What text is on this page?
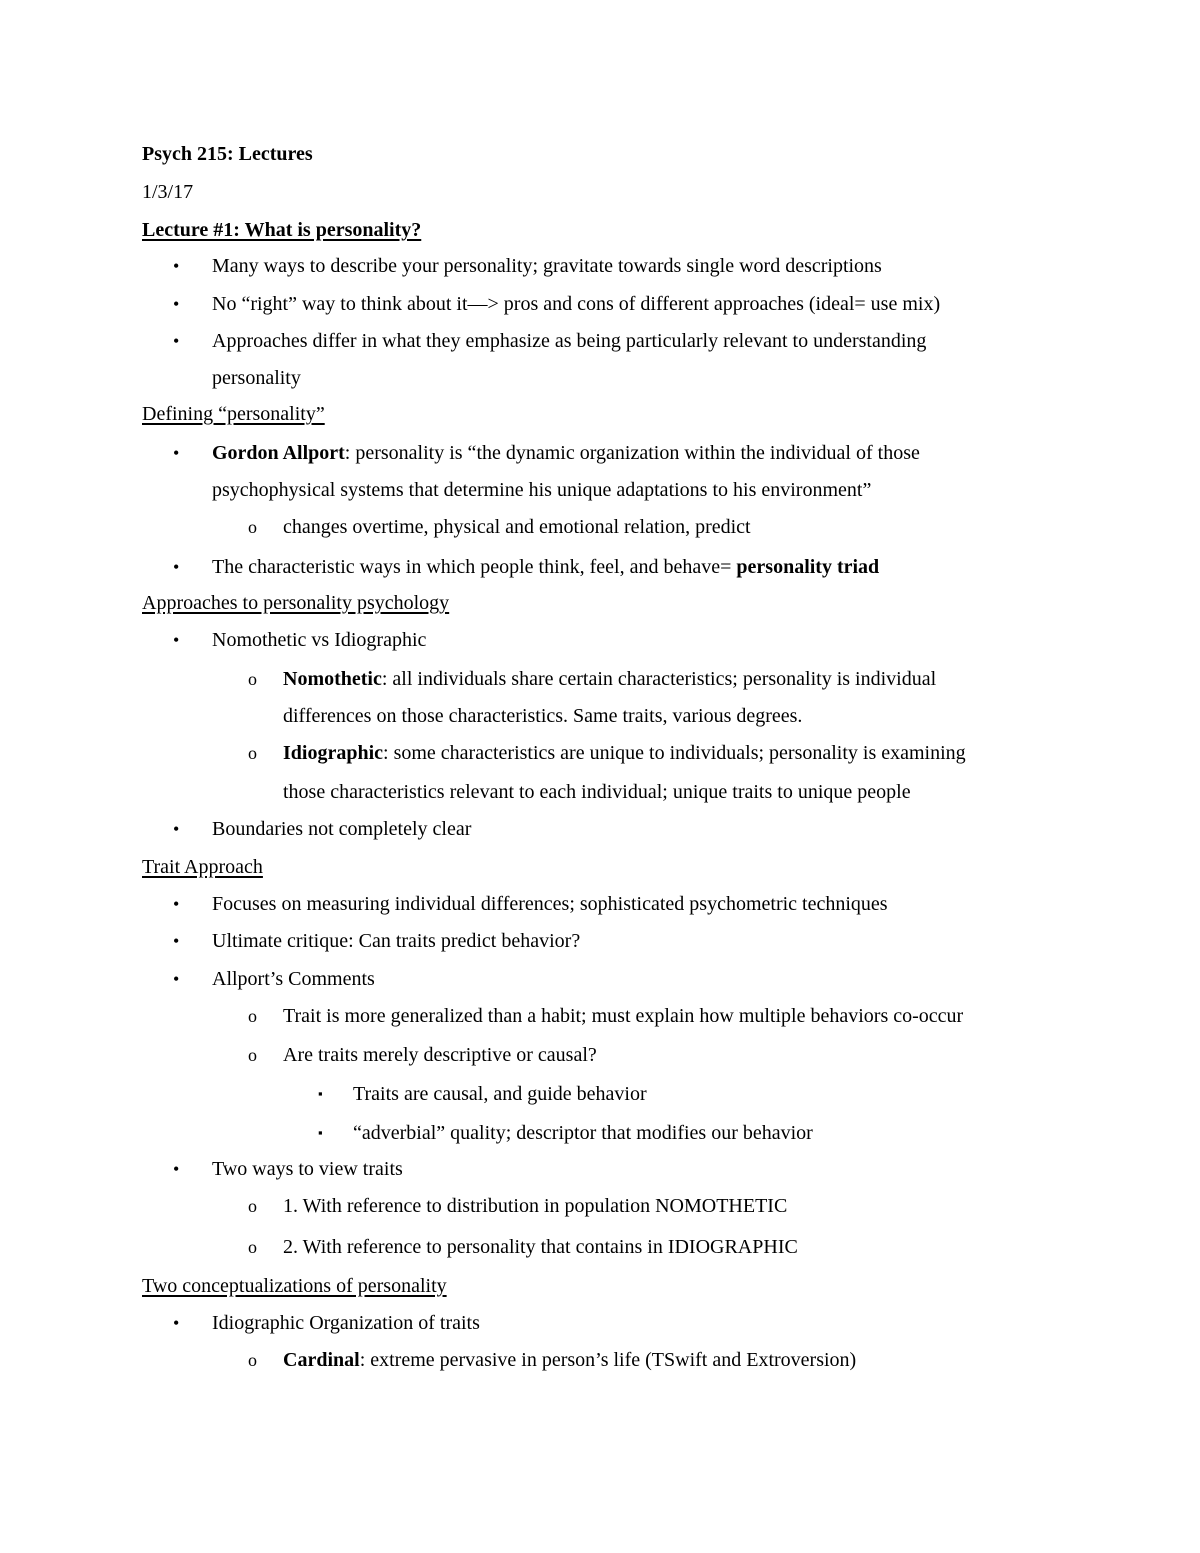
Psych 215: Lectures
1/3/17
Lecture #1: What is personality?
• Many ways to describe your personality; gravitate towards single word descriptions
• No “right” way to think about it—> pros and cons of different approaches (ideal= use mix)
• Approaches differ in what they emphasize as being particularly relevant to understanding
personality
Defining “personality”
• Gordon Allport: personality is “the dynamic organization within the individual of those
psychophysical systems that determine his unique adaptations to his environment”
o changes overtime, physical and emotional relation, predict
• The characteristic ways in which people think, feel, and behave= personality triad
Approaches to personality psychology
• Nomothetic vs Idiographic
o Nomothetic: all individuals share certain characteristics; personality is individual
differences on those characteristics. Same traits, various degrees.
o Idiographic: some characteristics are unique to individuals; personality is examining
those characteristics relevant to each individual; unique traits to unique people
• Boundaries not completely clear
Trait Approach
• Focuses on measuring individual differences; sophisticated psychometric techniques
• Ultimate critique: Can traits predict behavior?
• Allport’s Comments
o Trait is more generalized than a habit; must explain how multiple behaviors co-occur
o Are traits merely descriptive or causal?
▪ Traits are causal, and guide behavior
▪ “adverbial” quality; descriptor that modifies our behavior
• Two ways to view traits
o 1. With reference to distribution in population NOMOTHETIC
o 2. With reference to personality that contains in IDIOGRAPHIC
Two conceptualizations of personality
• Idiographic Organization of traits
o Cardinal: extreme pervasive in person’s life (TSwift and Extroversion)
